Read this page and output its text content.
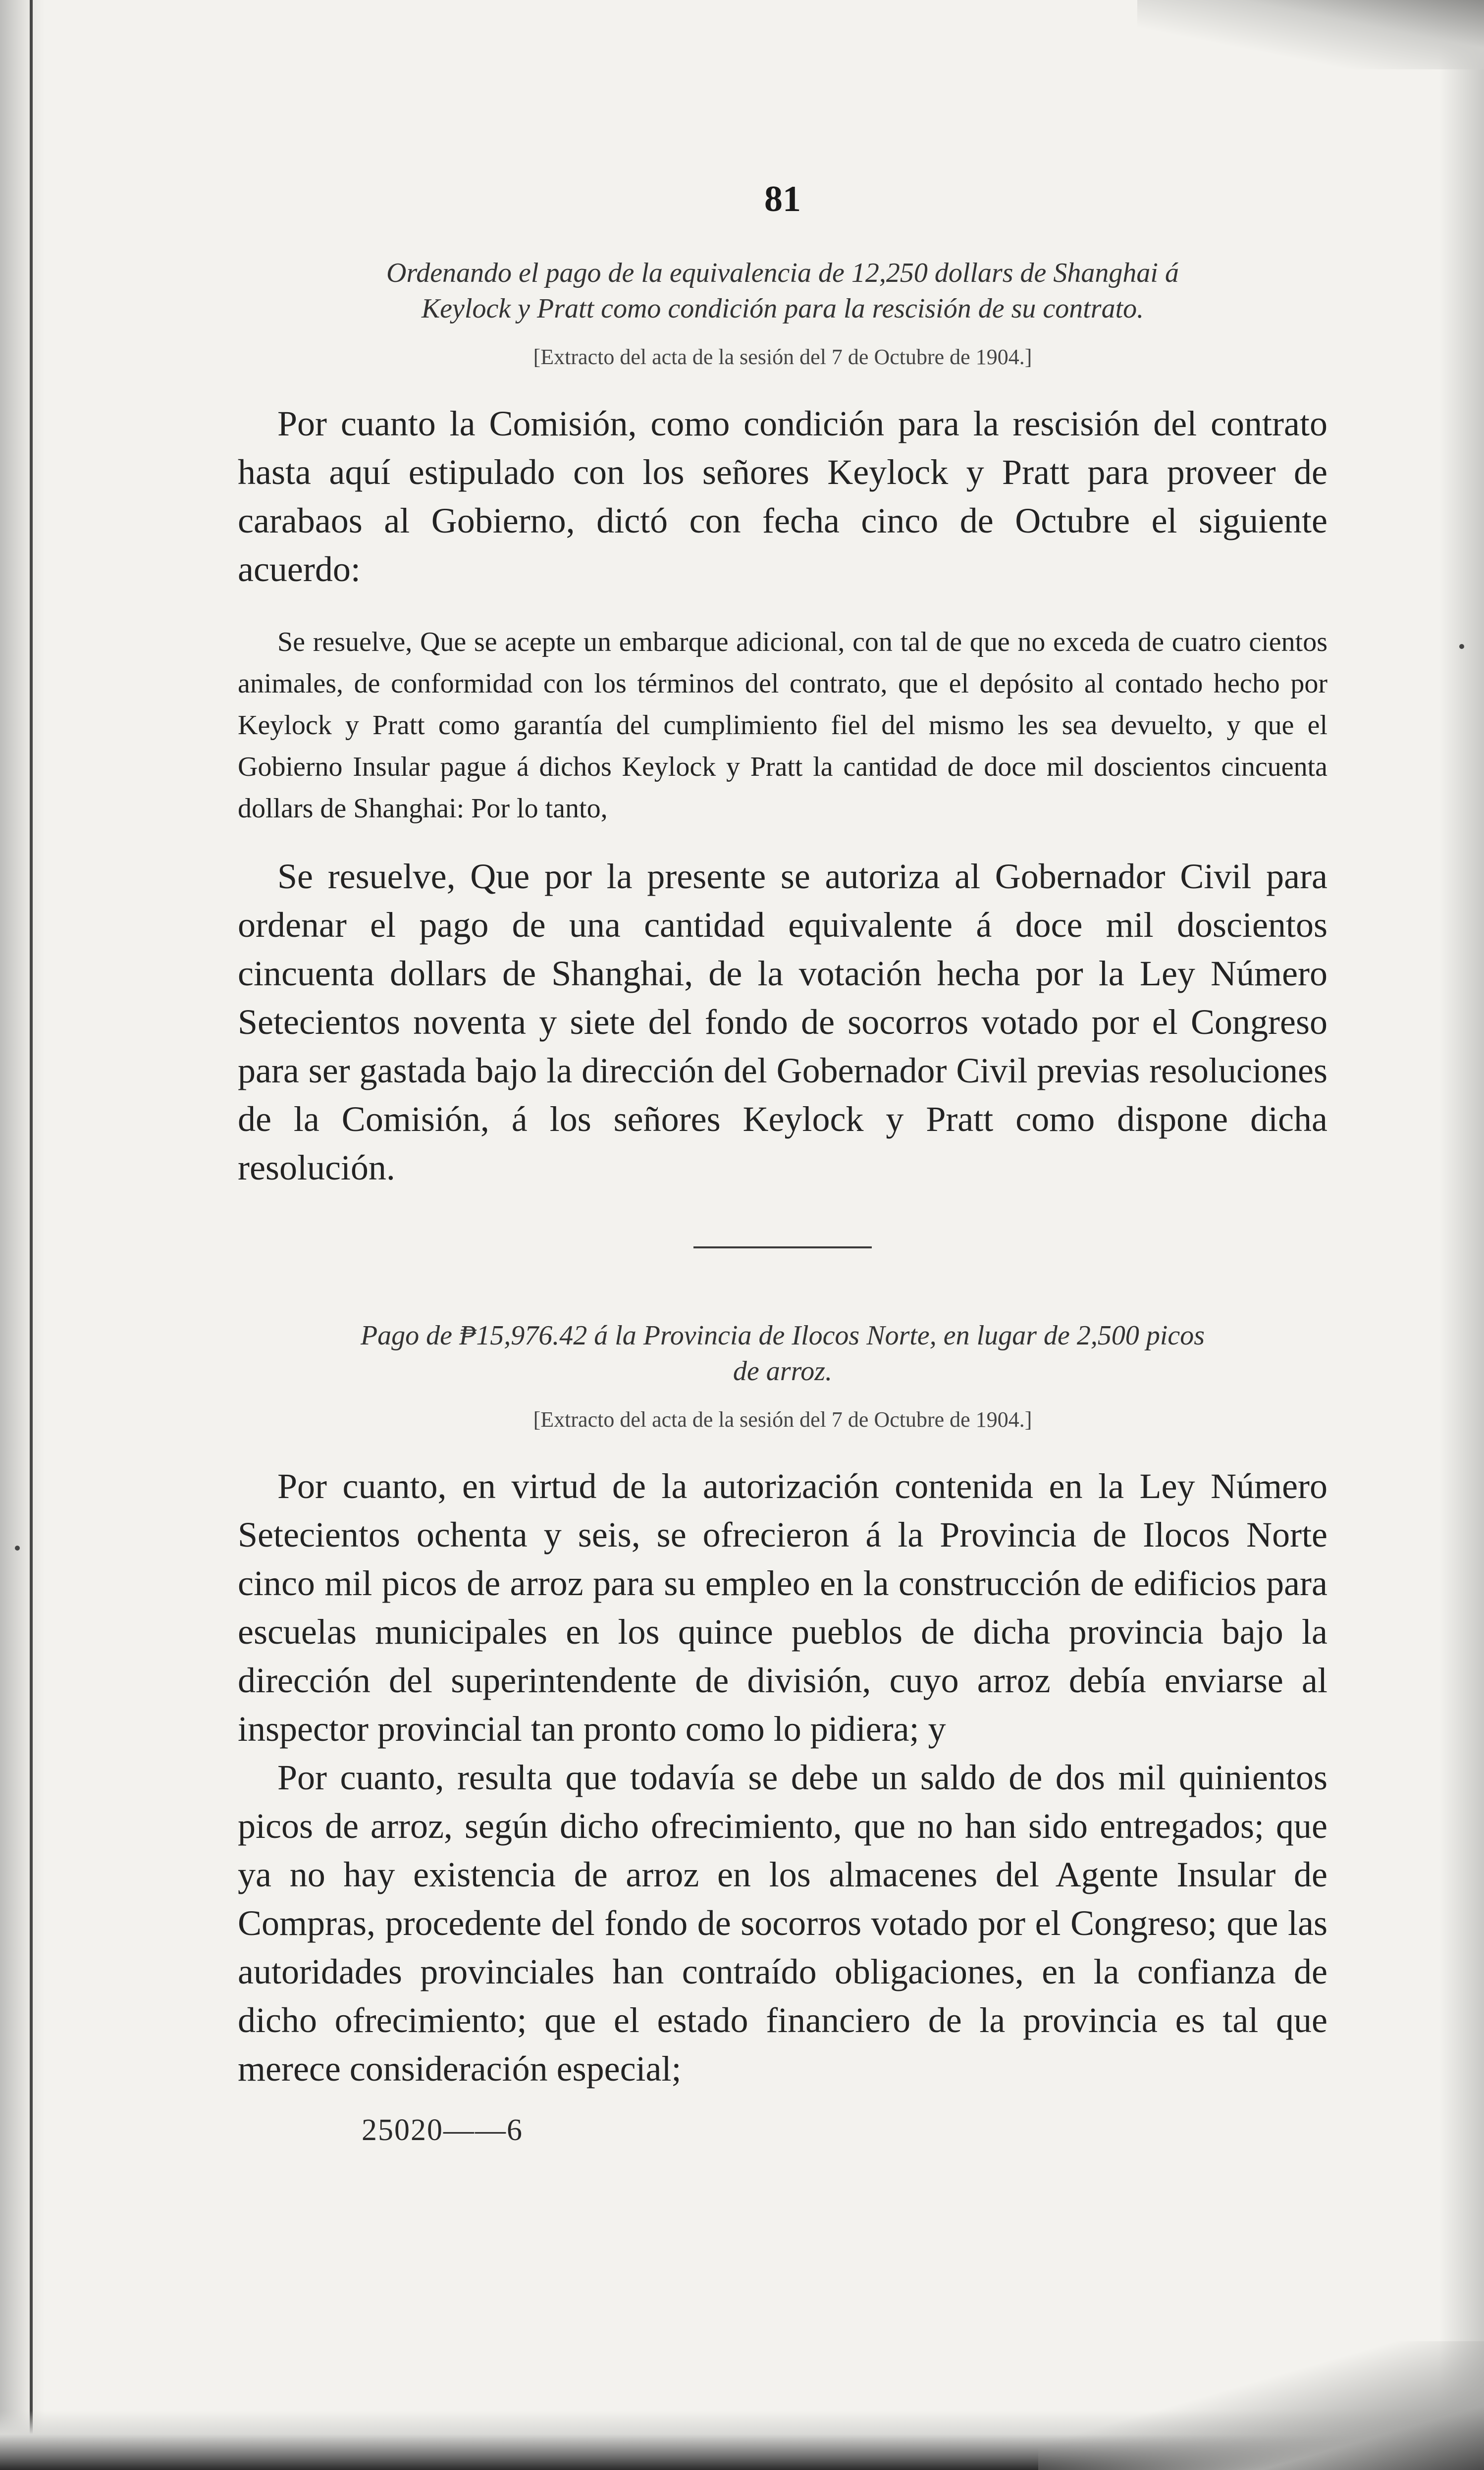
81

Ordenando el pago de la equivalencia de 12,250 dollars de Shanghai á

Keylock y Pratt como condición para la rescisión de su contrato.

[Extracto del acta de la sesión del 7 de Octubre de 1904.]

Por cuanto la Comisión, como condición para la rescisión del contrato hasta aquí estipulado con los señores Keylock y Pratt para proveer de carabaos al Gobierno, dictó con fecha cinco de Octubre el siguiente acuerdo:

Se resuelve, Que se acepte un embarque adicional, con tal de que no exceda de cuatro cientos animales, de conformidad con los términos del contrato, que el depósito al contado hecho por Keylock y Pratt como garantía del cumplimiento fiel del mismo les sea devuelto, y que el Gobierno Insular pague á dichos Keylock y Pratt la cantidad de doce mil doscientos cincuenta dollars de Shanghai: Por lo tanto,

Se resuelve, Que por la presente se autoriza al Gobernador Civil para ordenar el pago de una cantidad equivalente á doce mil doscientos cincuenta dollars de Shanghai, de la votación hecha por la Ley Número Setecientos noventa y siete del fondo de socorros votado por el Congreso para ser gastada bajo la dirección del Gobernador Civil previas resoluciones de la Comisión, á los señores Keylock y Pratt como dispone dicha resolución.

Pago de ₱15,976.42 á la Provincia de Ilocos Norte, en lugar de 2,500 picos

de arroz.

[Extracto del acta de la sesión del 7 de Octubre de 1904.]

Por cuanto, en virtud de la autorización contenida en la Ley Número Setecientos ochenta y seis, se ofrecieron á la Provincia de Ilocos Norte cinco mil picos de arroz para su empleo en la construcción de edificios para escuelas municipales en los quince pueblos de dicha provincia bajo la dirección del superintendente de división, cuyo arroz debía enviarse al inspector provincial tan pronto como lo pidiera; y

Por cuanto, resulta que todavía se debe un saldo de dos mil quinientos picos de arroz, según dicho ofrecimiento, que no han sido entregados; que ya no hay existencia de arroz en los almacenes del Agente Insular de Compras, procedente del fondo de socorros votado por el Congreso; que las autoridades provinciales han contraído obligaciones, en la confianza de dicho ofrecimiento; que el estado financiero de la provincia es tal que merece consideración especial;

25020——6
